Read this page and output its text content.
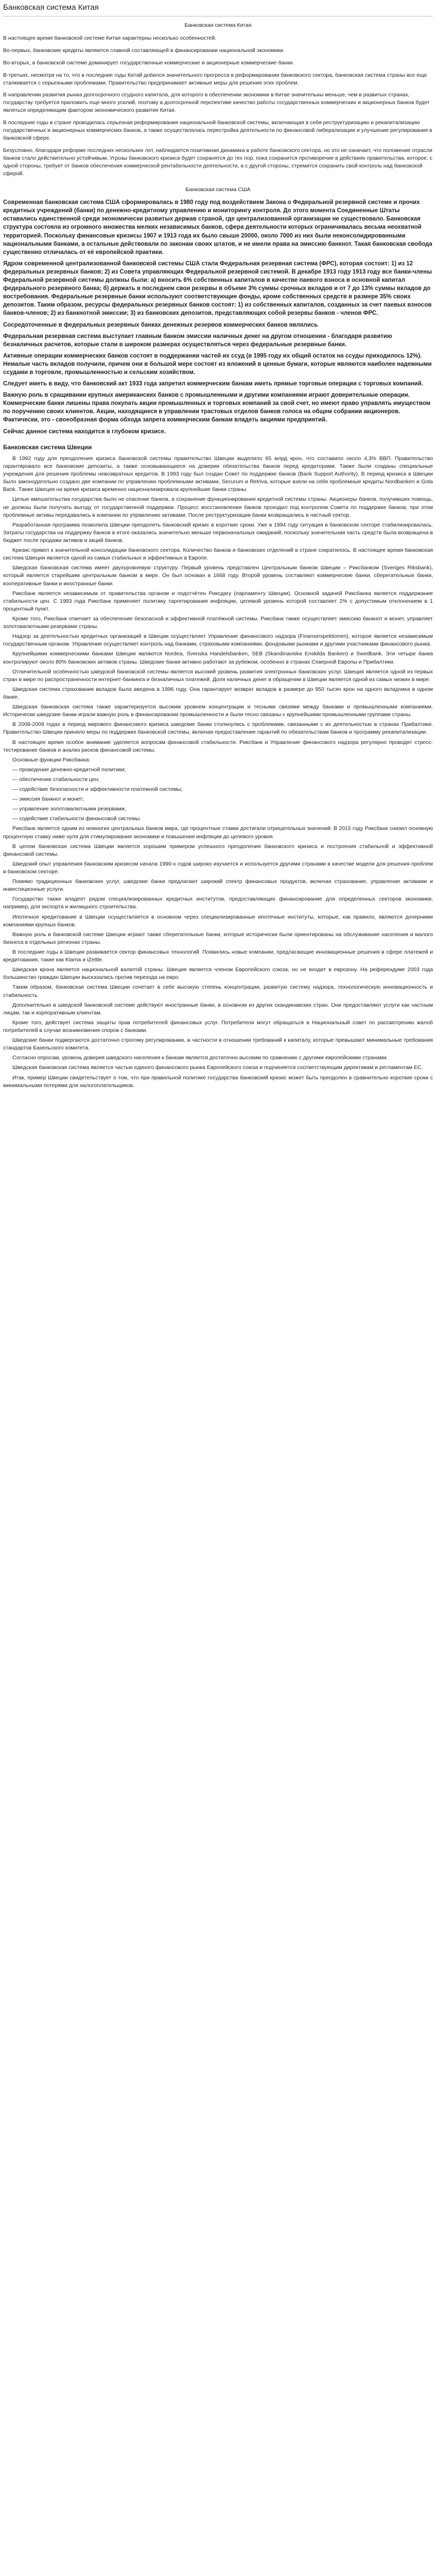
Банковская система Китая
Банковская система Китая

В настоящее время банковской системе Китая характерны несколько особенностей.

Во-первых, банковские кредиты являются главной составляющей в финансировании национальной экономики.

Во-вторых, в банковской системе доминирует государственные коммерческие и акционерные коммерческие банки.

В-третьих, несмотря на то, что в последние годы Китай добился значительного прогресса в реформировании банковского сектора, банковская система страны все еще сталкивается с серьезными проблемами. Правительство предпринимает активные меры для решения этих проблем.

В направлении развития рынка долгосрочного ссудного капитала, для которого в обеспечении экономики в Китае значительны меньше, чем в развитых странах, государству требуется приложить еще много усилий, поэтому в долгосрочной перспективе качество работы государственных коммерческих и акционерных банков будет являться определяющим фактором экономического развития Китая.

В последние годы в стране проводилась серьезная реформирования национальной банковской системы, включающая в себя реструктуризацию и рекапитализацию государственных и акционерных коммерческих банков, а также осуществлялась перестройка деятельности по финансовой либерализации и улучшение регулирования в банковской сфере.

Безусловно, благодаря реформе последних нескольких лет, наблюдается позитивная динамика в работе банковского сектора, но это не означает, что положение отрасли банков стало действительно устойчивым. Угрозы банковского кризиса будет сохранятся до тех пор, пока сохранится противоречие в действиях правительства, которое, с одной стороны, требует от банков обеспечения коммерческой рентабельности деятельности, а с другой стороны, стремится сохранить свой контроль над банковской сферой.

Банковская система США

Современная банковская система США сформировалась в 1980 году под воздействием Закона о Федеральной резервной системе и прочих кредитных учреждений (банки) по денежно-кредитному управлению и мониторингу контроля. До этого момента Соединенные Штаты оставались единственной среди экономически развитых держав страной, где централизованной организации не существовало. Банковская структура состояла из огромного множества мелких независимых банков, сфера деятельности которых ограничивалась весьма неохватной территорией. Поскольку финансовые кризисы 1907 и 1913 года их было свыше 20000, около 7000 из них были неконсолидированными национальными банками, а остальные действовали по законам своих штатов, и не имели права на эмиссию банкнот. Такая банковская свобода существенно отличалась от её европейской практики.

Ядром современной централизованной банковской системы США стала Федеральная резервная система (ФРС), которая состоит: 1) из 12 федеральных резервных банков; 2) из Совета управляющих Федеральной резервной системой. В декабре 1913 году 1913 году все банки-члены Федеральной резервной системы должны были: а) вносить 6% собственных капиталов в качестве паевого взноса в основной капитал федерального резервного банка; б) держать в последнем свои резервы в объеме 3% суммы срочных вкладов и от 7 до 13% суммы вкладов до востребования. Федеральные резервные банки используют соответствующие фонды, кроме собственных средств в размере 35% своих депозитов. Таким образом, ресурсы федеральных резервных банков состоят: 1) из собственных капиталов, созданных за счет паевых взносов банков-членов; 2) из банкнотной эмиссии; 3) из банковских депозитов, представляющих собой резервы банков - членов ФРС.

Сосредоточенные в федеральных резервных банках денежных резервов коммерческих банков являлись

Федеральная резервная система выступает главным банком эмиссии наличных денег на другом отношении - благодаря развитию безналичных расчетов, которые стали в широком размерах осуществляться через федеральные резервные банки.

Активные операции коммерческих банков состоят в поддержании частей их ссуд (в 1995 году их общий остаток на ссуды приходилось 12%). Немалые часть вкладов получили, причем они в большой мере состоят из вложений в ценные бумаги, которые являются наиболее надежными ссудами в торговле, промышленностью и сельским хозяйством.

Следует иметь в виду, что банковский акт 1933 года запретил коммерческим банкам иметь прямые торговые операции с торговых компаний.

Важную роль в сращивании крупных американских банков с промышленными и другими компаниями играют доверительные операции. Коммерческие банки лишены права покупать акции промышленных и торговых компаний за свой счет, но имеют право управлять имуществом по поручению своих клиентов. Акции, находящиеся в управлении трастовых отделов банков голоса на общем собрании акционеров. Фактически, это - своеобразная форма обхода запрета коммерческим банкам владеть акциями предприятий.

Сейчас данное система находится в глубоком кризисе.

Банковская система Швеции

В 1992 году для преодоления кризиса банковской системы правительство Швеции выделило 65 млрд крон, что составило около 4,3% ВВП. Правительство гарантировало все банковские депозиты, а также основывающиеся на доверии обязательства банков перед кредиторами. Также были созданы специальные учреждения для решения проблемы невозвратных кредитов. В 1993 году был создан Совет по поддержке банков (Bank Support Authority). В период кризиса в Швеции было законодательно создано две компании по управлению проблемными активами, Securum и Retriva, которые взяли на себя проблемные кредиты Nordbanken и Gota Bank. Также Швеция на время кризиса временно национализировала крупнейшие банки страны.

Целью вмешательства государства было не спасение банков, а сохранение функционирования кредитной системы страны. Акционеры банков, получивших помощь, не должны были получать выгоду от государственной поддержки. Процесс восстановления банков проходил под контролем Совета по поддержке банков, при этом проблемные активы передавались в компании по управлению активами. После реструктуризации банки возвращались в частный сектор.

Разработанная программа позволила Швеции преодолеть банковский кризис в короткие сроки. Уже в 1994 году ситуация в банковском секторе стабилизировалась. Затраты государства на поддержку банков в итоге оказались значительно меньше первоначальных ожиданий, поскольку значительная часть средств была возвращена в бюджет после продажи активов и акций банков.

Кризис привел к значительной консолидации банковского сектора. Количество банков и банковских отделений в стране сократилось. В настоящее время банковская система Швеции является одной из самых стабильных и эффективных в Европе.

Шведская банковская система имеет двухуровневую структуру. Первый уровень представлен Центральным банком Швеции – Риксбанком (Sveriges Riksbank), который является старейшим центральным банком в мире. Он был основан в 1668 году. Второй уровень составляют коммерческие банки, сберегательные банки, кооперативные банки и иностранные банки.

Риксбанк является независимым от правительства органом и подотчётен Риксдагу (парламенту Швеции). Основной задачей Риксбанка является поддержание стабильности цен. С 1993 года Риксбанк применяет политику таргетирования инфляции, целевой уровень которой составляет 2% с допустимым отклонением в 1 процентный пункт.

Кроме того, Риксбанк отвечает за обеспечение безопасной и эффективной платёжной системы. Риксбанк также осуществляет эмиссию банкнот и монет, управляет золотовалютными резервами страны.

Надзор за деятельностью кредитных организаций в Швеции осуществляет Управление финансового надзора (Finansinspektionen), которое является независимым государственным органом. Управление осуществляет контроль над банками, страховыми компаниями, фондовыми рынками и другими участниками финансового рынка.

Крупнейшими коммерческими банками Швеции являются Nordea, Svenska Handelsbanken, SEB (Skandinaviska Enskilda Banken) и Swedbank. Эти четыре банка контролируют около 80% банковских активов страны. Шведские банки активно работают за рубежом, особенно в странах Северной Европы и Прибалтики.

Отличительной особенностью шведской банковской системы является высокий уровень развития электронных банковских услуг. Швеция является одной из первых стран в мире по распространенности интернет-банкинга и безналичных платежей. Доля наличных денег в обращении в Швеции является одной из самых низких в мире.

Шведская система страхования вкладов была введена в 1996 году. Она гарантирует возврат вкладов в размере до 950 тысяч крон на одного вкладчика в одном банке.

Шведская банковская система также характеризуется высоким уровнем концентрации и тесными связями между банками и промышленными компаниями. Исторически шведские банки играли важную роль в финансировании промышленности и были тесно связаны с крупнейшими промышленными группами страны.

В 2008-2009 годах в период мирового финансового кризиса шведские банки столкнулись с проблемами, связанными с их деятельностью в странах Прибалтики. Правительство Швеции приняло меры по поддержке банковской системы, включая предоставление гарантий по обязательствам банков и программу рекапитализации.

В настоящее время особое внимание уделяется вопросам финансовой стабильности. Риксбанк и Управление финансового надзора регулярно проводят стресс-тестирование банков и анализ рисков финансовой системы.

Основные функции Риксбанка:

— проведение денежно-кредитной политики;

— обеспечение стабильности цен;

— содействие безопасности и эффективности платежной системы;

— эмиссия банкнот и монет;

— управление золотовалютными резервами;

— содействие стабильности финансовой системы.

Риксбанк является одним из немногих центральных банков мира, где процентные ставки достигали отрицательных значений. В 2015 году Риксбанк снизил основную процентную ставку ниже нуля для стимулирования экономики и повышения инфляции до целевого уровня.

В целом банковская система Швеции является хорошим примером успешного преодоления банковского кризиса и построения стабильной и эффективной финансовой системы.

Шведский опыт управления банковским кризисом начала 1990-х годов широко изучается и используется другими странами в качестве модели для решения проблем в банковском секторе.

Помимо традиционных банковских услуг, шведские банки предлагают широкий спектр финансовых продуктов, включая страхование, управление активами и инвестиционные услуги.

Государство также владеет рядом специализированных кредитных институтов, предоставляющих финансирование для определенных секторов экономики, например, для экспорта и жилищного строительства.

Ипотечное кредитование в Швеции осуществляется в основном через специализированные ипотечные институты, которые, как правило, являются дочерними компаниями крупных банков.

Важную роль в банковской системе Швеции играют также сберегательные банки, которые исторически были ориентированы на обслуживание населения и малого бизнеса в отдельных регионах страны.

В последние годы в Швеции развивается сектор финансовых технологий. Появились новые компании, предлагающие инновационные решения в сфере платежей и кредитования, такие как Klarna и iZettle.

Шведская крона является национальной валютой страны. Швеция является членом Европейского союза, но не входит в еврозону. На референдуме 2003 года большинство граждан Швеции высказались против перехода на евро.

Таким образом, банковская система Швеции сочетает в себе высокую степень концентрации, развитую систему надзора, технологическую инновационность и стабильность.

Дополнительно в шведской банковской системе действуют иностранные банки, в основном из других скандинавских стран. Они предоставляют услуги как частным лицам, так и корпоративным клиентам.

Кроме того, действует система защиты прав потребителей финансовых услуг. Потребители могут обращаться в Национальный совет по рассмотрению жалоб потребителей в случае возникновения споров с банками.

Шведские банки подвергаются достаточно строгому регулированию, в частности в отношении требований к капиталу, которые превышают минимальные требования стандартов Базельского комитета.

Согласно опросам, уровень доверия шведского населения к банкам является достаточно высоким по сравнению с другими европейскими странами.

Шведская банковская система является частью единого финансового рынка Европейского союза и подчиняется соответствующим директивам и регламентам ЕС.

Итак, пример Швеции свидетельствует о том, что при правильной политике государства банковский кризис может быть преодолен в сравнительно короткие сроки с минимальными потерями для налогоплательщиков.
